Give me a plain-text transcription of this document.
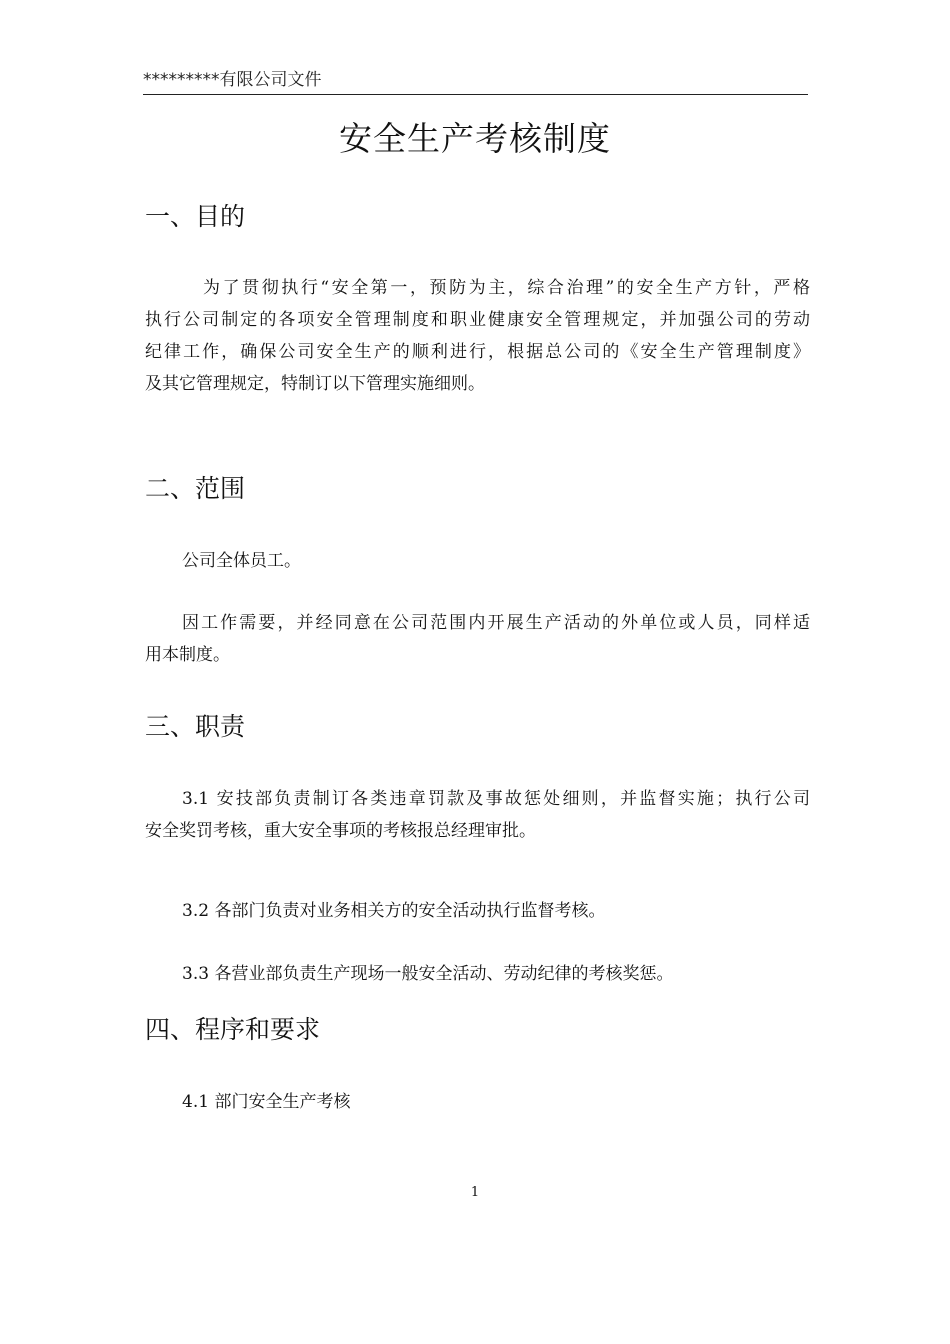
*********有限公司文件
安全生产考核制度
一、目的
为了贯彻执行“安全第一，预防为主，综合治理”的安全生产方针，严格
执行公司制定的各项安全管理制度和职业健康安全管理规定，并加强公司的劳动
纪律工作，确保公司安全生产的顺利进行，根据总公司的《安全生产管理制度》
及其它管理规定，特制订以下管理实施细则。
二、范围
公司全体员工。
因工作需要，并经同意在公司范围内开展生产活动的外单位或人员，同样适
用本制度。
三、职责
3.1 安技部负责制订各类违章罚款及事故惩处细则，并监督实施；执行公司
安全奖罚考核，重大安全事项的考核报总经理审批。
3.2 各部门负责对业务相关方的安全活动执行监督考核。
3.3 各营业部负责生产现场一般安全活动、劳动纪律的考核奖惩。
四、程序和要求
4.1 部门安全生产考核
1
